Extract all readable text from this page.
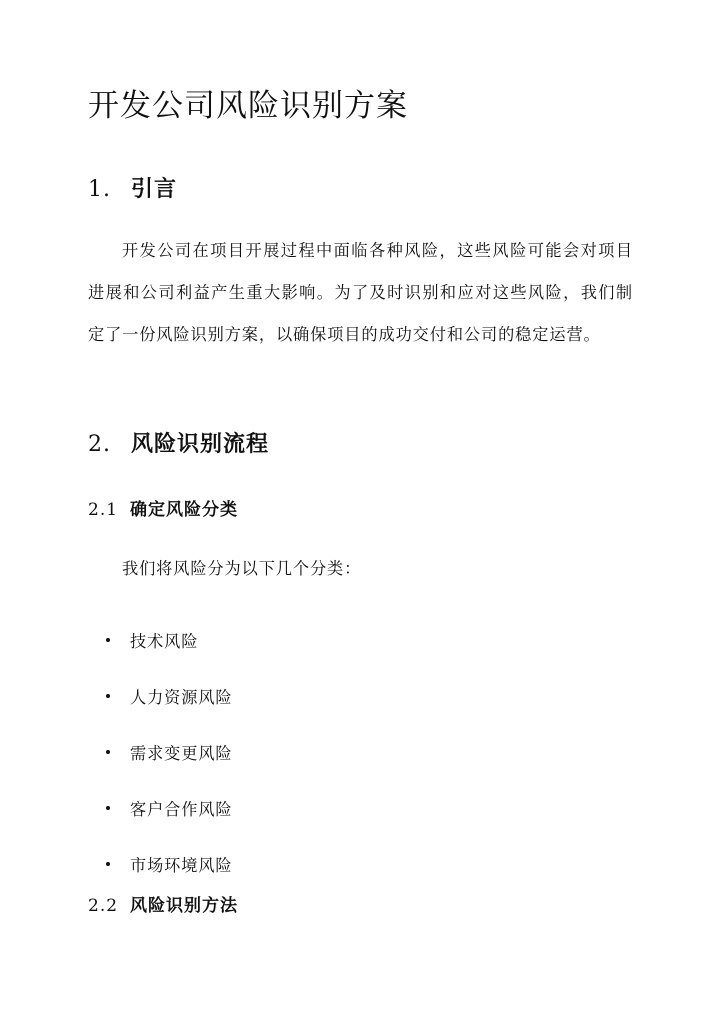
开发公司风险识别方案
1. 引言

开发公司在项目开展过程中面临各种风险，这些风险可能会对项目进展和公司利益产生重大影响。为了及时识别和应对这些风险，我们制定了一份风险识别方案，以确保项目的成功交付和公司的稳定运营。

2. 风险识别流程
2.1 确定风险分类

我们将风险分为以下几个分类：

技术风险
人力资源风险
需求变更风险
客户合作风险
市场环境风险
2.2 风险识别方法
